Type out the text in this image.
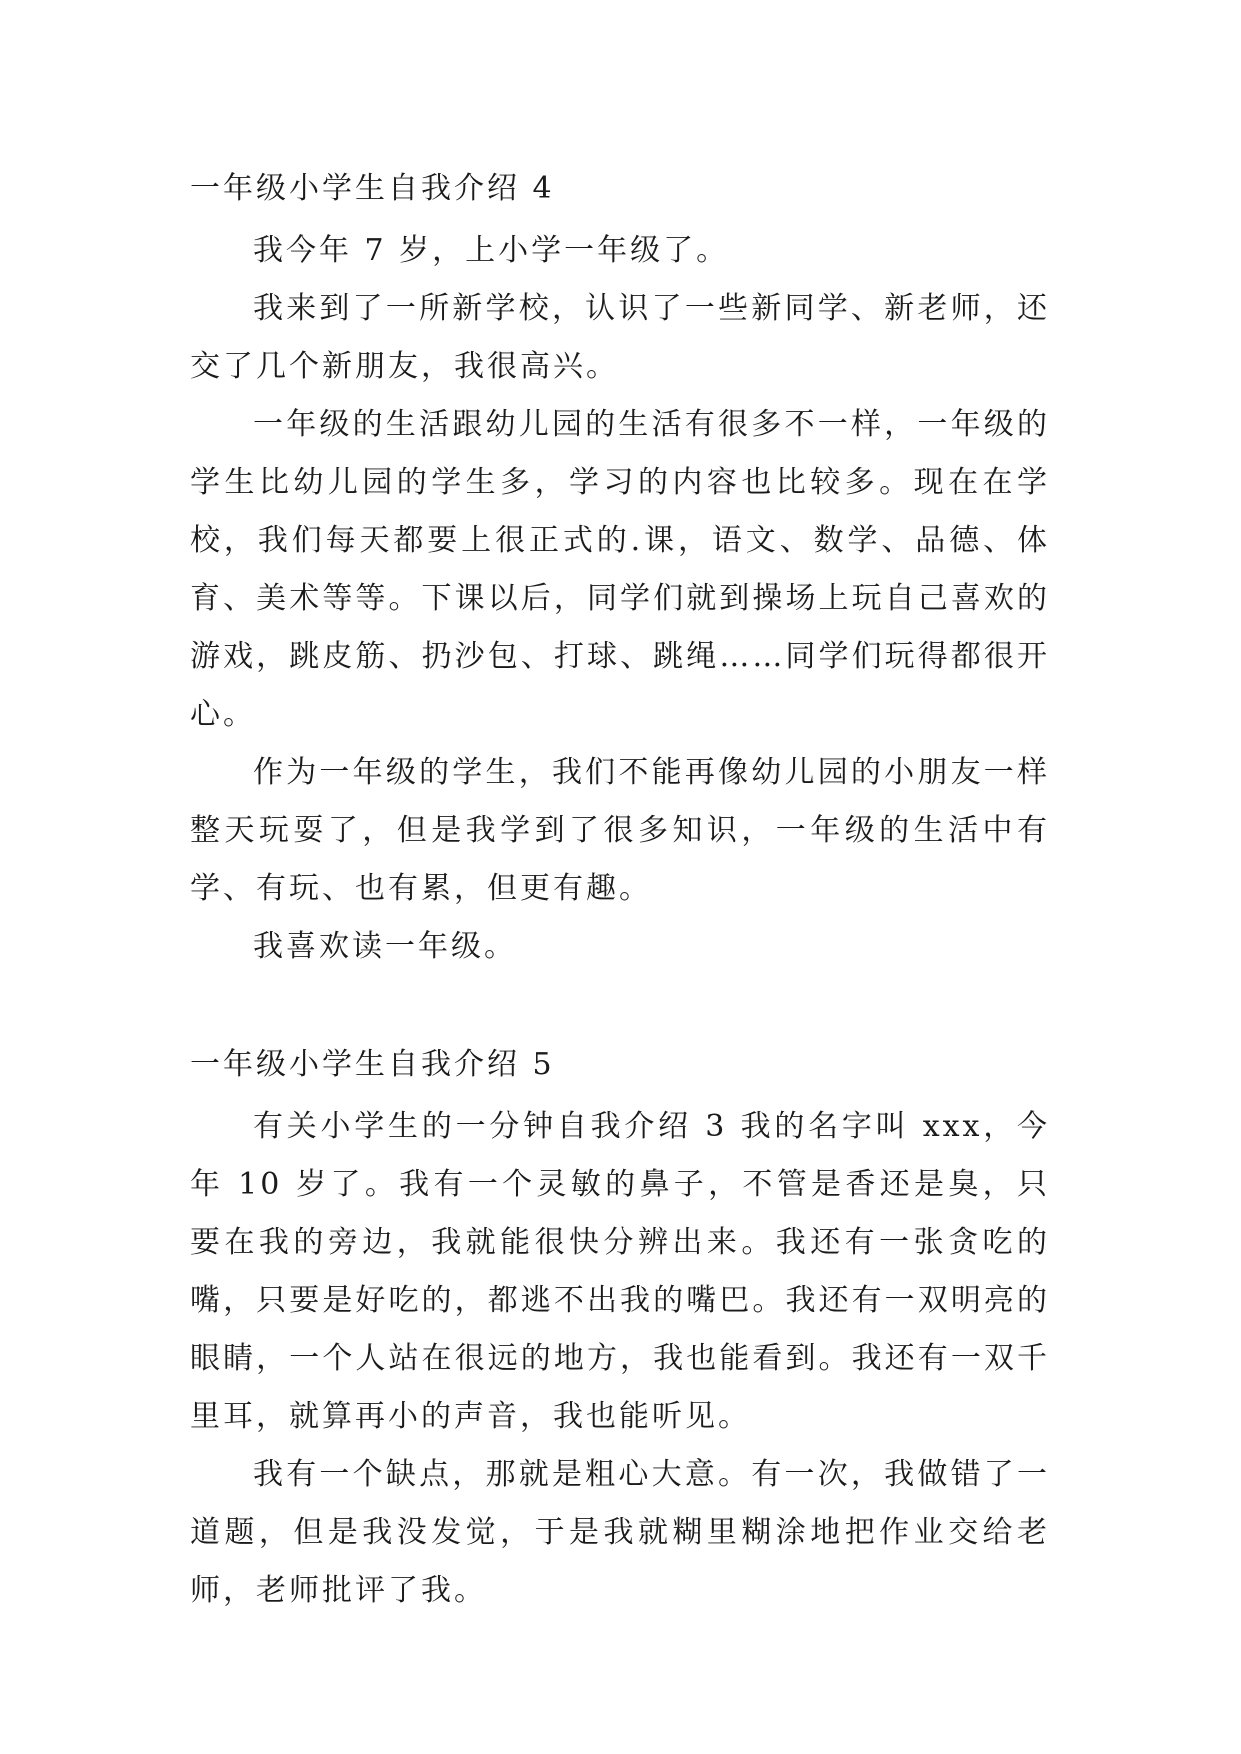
一年级小学生自我介绍 4

我今年 7 岁，上小学一年级了。

我来到了一所新学校，认识了一些新同学、新老师，还交了几个新朋友，我很高兴。

一年级的生活跟幼儿园的生活有很多不一样，一年级的学生比幼儿园的学生多，学习的内容也比较多。现在在学校，我们每天都要上很正式的.课，语文、数学、品德、体育、美术等等。下课以后，同学们就到操场上玩自己喜欢的游戏，跳皮筋、扔沙包、打球、跳绳……同学们玩得都很开心。

作为一年级的学生，我们不能再像幼儿园的小朋友一样整天玩耍了，但是我学到了很多知识，一年级的生活中有学、有玩、也有累，但更有趣。

我喜欢读一年级。

一年级小学生自我介绍 5

有关小学生的一分钟自我介绍 3 我的名字叫 xxx，今年 10 岁了。我有一个灵敏的鼻子，不管是香还是臭，只要在我的旁边，我就能很快分辨出来。我还有一张贪吃的嘴，只要是好吃的，都逃不出我的嘴巴。我还有一双明亮的眼睛，一个人站在很远的地方，我也能看到。我还有一双千里耳，就算再小的声音，我也能听见。

我有一个缺点，那就是粗心大意。有一次，我做错了一道题，但是我没发觉，于是我就糊里糊涂地把作业交给老师，老师批评了我。
